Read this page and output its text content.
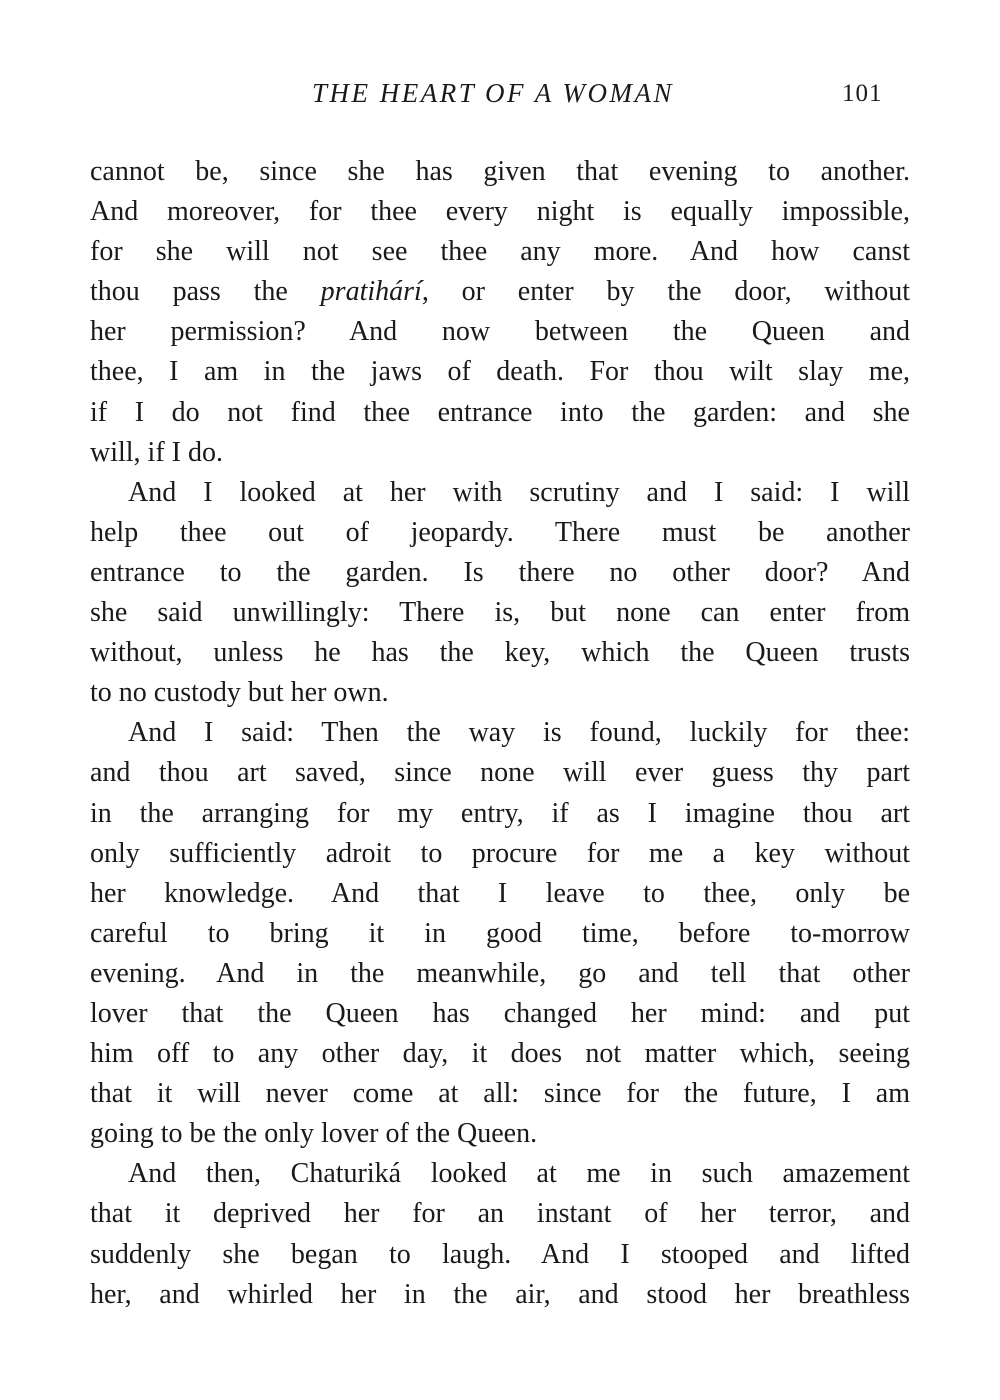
THE HEART OF A WOMAN	101
cannot be, since she has given that evening to another.
And moreover, for thee every night is equally impossible,
for she will not see thee any more. And how canst
thou pass the pratihárí, or enter by the door, without
her permission? And now between the Queen and
thee, I am in the jaws of death. For thou wilt slay me,
if I do not find thee entrance into the garden: and she
will, if I do.
And I looked at her with scrutiny and I said: I will
help thee out of jeopardy. There must be another
entrance to the garden. Is there no other door? And
she said unwillingly: There is, but none can enter from
without, unless he has the key, which the Queen trusts
to no custody but her own.
And I said: Then the way is found, luckily for thee:
and thou art saved, since none will ever guess thy part
in the arranging for my entry, if as I imagine thou art
only sufficiently adroit to procure for me a key without
her knowledge. And that I leave to thee, only be
careful to bring it in good time, before to-morrow
evening. And in the meanwhile, go and tell that other
lover that the Queen has changed her mind: and put
him off to any other day, it does not matter which, seeing
that it will never come at all: since for the future, I am
going to be the only lover of the Queen.
And then, Chaturiká looked at me in such amazement
that it deprived her for an instant of her terror, and
suddenly she began to laugh. And I stooped and lifted
her, and whirled her in the air, and stood her breathless
